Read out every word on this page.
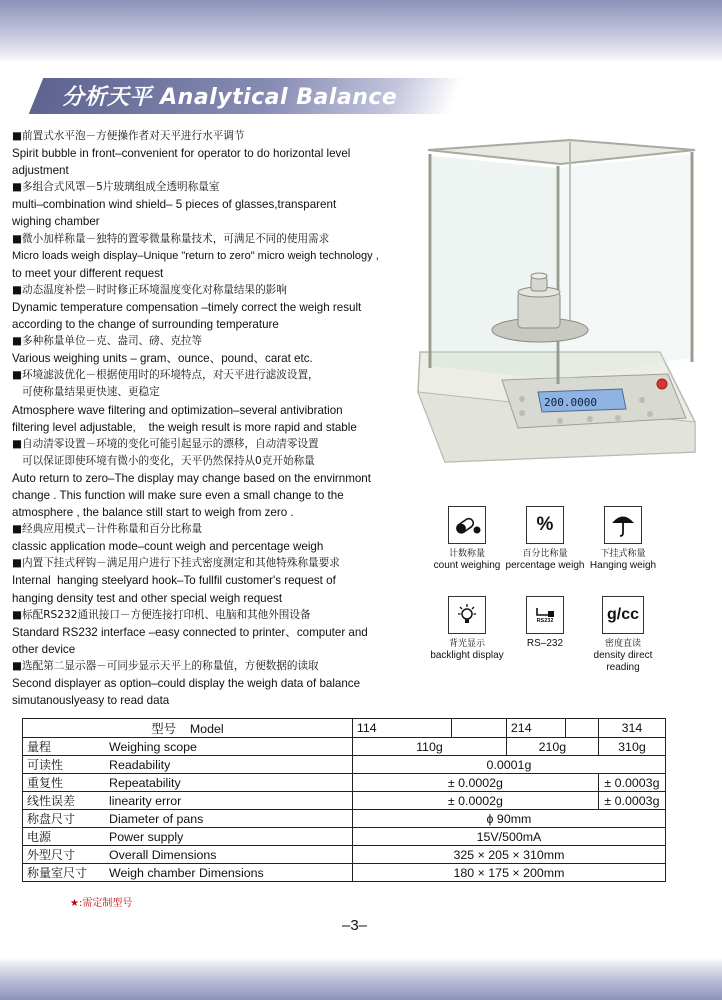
分析天平 Analytical Balance

■前置式水平泡－方便操作者对天平进行水平调节

Spirit bubble in front–convenient for operator to do horizontal level

adjustment

■多组合式风罩－5片玻璃组成全透明称量室

multi–combination wind shield– 5 pieces of glasses,transparent

wighing chamber

■微小加样称量－独特的置零微量称量技术，可满足不同的使用需求

Micro loads weigh display–Unique "return to zero" micro weigh technology ,

to meet your different request

■动态温度补偿－时时修正环境温度变化对称量结果的影响

Dynamic temperature compensation –timely correct the weigh result

according to the change of surrounding temperature

■多种称量单位－克、盎司、磅、克拉等

Various weighing units – gram、ounce、pound、carat etc.

■环境滤波优化－根据使用时的环境特点，对天平进行滤波设置，

可使称量结果更快速、更稳定

Atmosphere wave filtering and optimization–several antivibration

filtering level adjustable,    the weigh result is more rapid and stable

■自动清零设置－环境的变化可能引起显示的漂移，自动清零设置

可以保证即使环境有微小的变化，天平仍然保持从0克开始称量

Auto return to zero–The display may change based on the envirnmont

change . This function will make sure even a small change to the

atmosphere , the balance still start to weigh from zero .

■经典应用模式－计件称量和百分比称量

classic application mode–count weigh and percentage weigh

■内置下挂式秤钩－满足用户进行下挂式密度测定和其他特殊称量要求

Internal  hanging steelyard hook–To fullfil customer's request of

hanging density test and other special weigh request

■标配RS232通讯接口－方便连接打印机、电脑和其他外围设备

Standard RS232 interface –easy connected to printer、computer and

other device

■选配第二显示器－可同步显示天平上的称量值，方便数据的读取

Second displayer as option–could display the weigh data of balance

simutanouslyeasy to read data

200.0000
计数称量
count weighing
%
百分比称量
percentage weigh
下挂式称量
Hanging weigh
背光显示
backlight display
RS232
RS–232
g/cc
密度直读
density direct reading
型号 Model	114		214		314
量程 Weighing scope	110g		210g		310g
可读性 Readability	0.0001g				
重复性 Repeatability	± 0.0002g				± 0.0003g
线性误差 linearity error	± 0.0002g				± 0.0003g
称盘尺寸 Diameter of pans	ϕ 90mm				
电源 Power supply	15V/500mA				
外型尺寸 Overall Dimensions	325 × 205 × 310mm				
称量室尺寸 Weigh chamber Dimensions	180 × 175 × 200mm				
★:需定制型号
–3–
